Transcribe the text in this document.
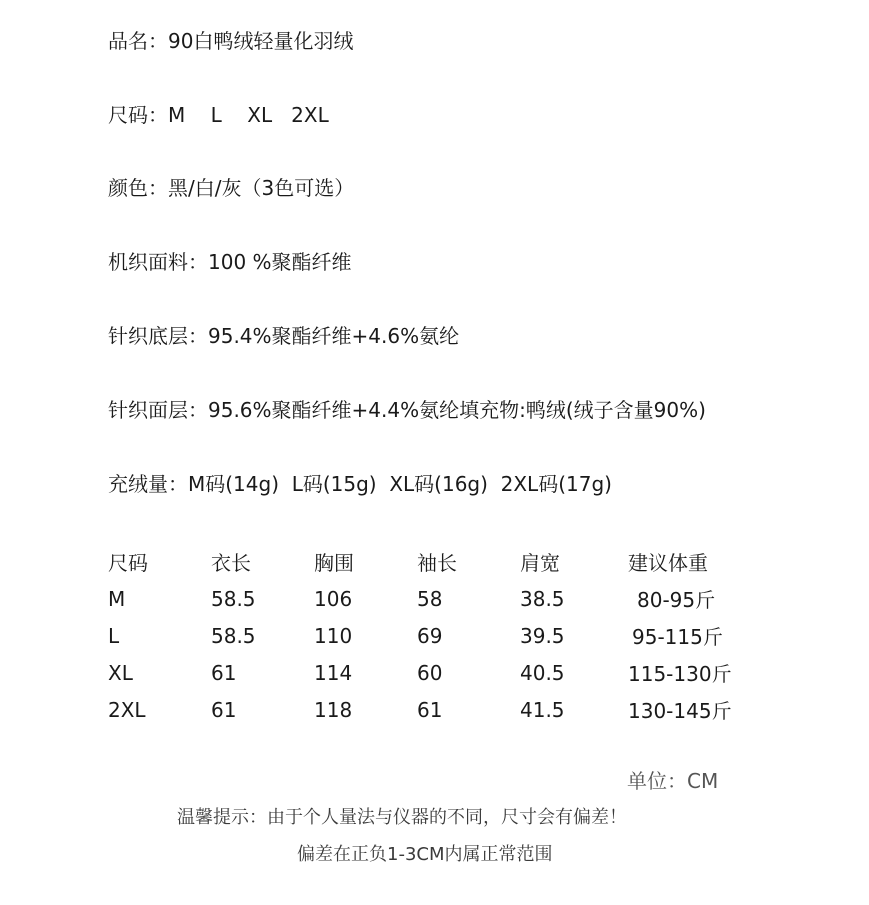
品名：90白鸭绒轻量化羽绒

尺码：M    L    XL   2XL

颜色：黑/白/灰（3色可选）

机织面料：100 %聚酯纤维

针织底层：95.4%聚酯纤维+4.6%氨纶

针织面层：95.6%聚酯纤维+4.4%氨纶填充物:鸭绒(绒子含量90%)

充绒量：M码(14g)  L码(15g)  XL码(16g)  2XL码(17g)

尺码	衣长	胸围	袖长	肩宽	建议体重
M	58.5	106	58	38.5	80-95斤
L	58.5	110	69	39.5	95-115斤
XL	61	114	60	40.5	115-130斤
2XL	61	118	61	41.5	130-145斤
单位：CM
温馨提示：由于个人量法与仪器的不同，尺寸会有偏差！
偏差在正负1-3CM内属正常范围
